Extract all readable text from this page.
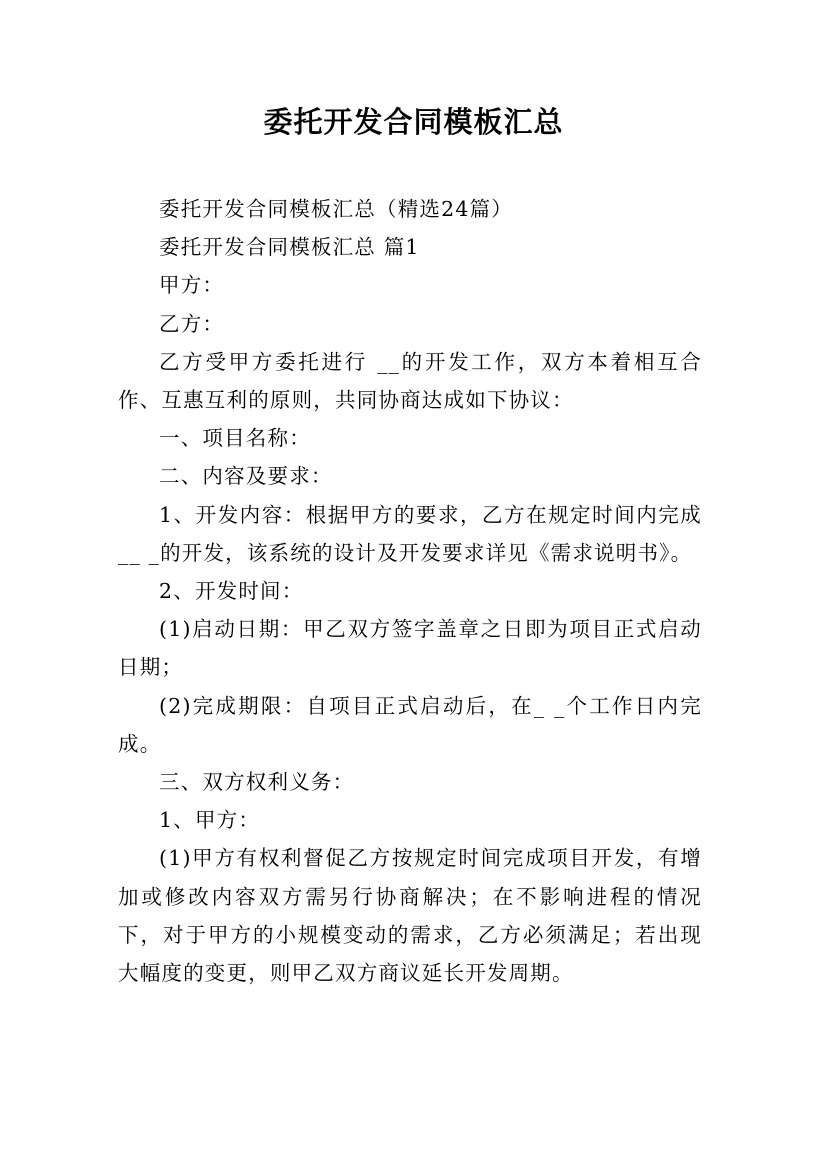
委托开发合同模板汇总

委托开发合同模板汇总（精选24篇）

委托开发合同模板汇总 篇1

甲方：

乙方：

乙方受甲方委托进行 __的开发工作，双方本着相互合作、互惠互利的原则，共同协商达成如下协议：

一、项目名称：

二、内容及要求：

1、开发内容：根据甲方的要求，乙方在规定时间内完成__ _的开发，该系统的设计及开发要求详见《需求说明书》。

2、开发时间：

(1)启动日期：甲乙双方签字盖章之日即为项目正式启动日期；

(2)完成期限：自项目正式启动后，在_ _个工作日内完成。

三、双方权利义务：

1、甲方：

(1)甲方有权利督促乙方按规定时间完成项目开发，有增加或修改内容双方需另行协商解决；在不影响进程的情况下，对于甲方的小规模变动的需求，乙方必须满足；若出现大幅度的变更，则甲乙双方商议延长开发周期。
